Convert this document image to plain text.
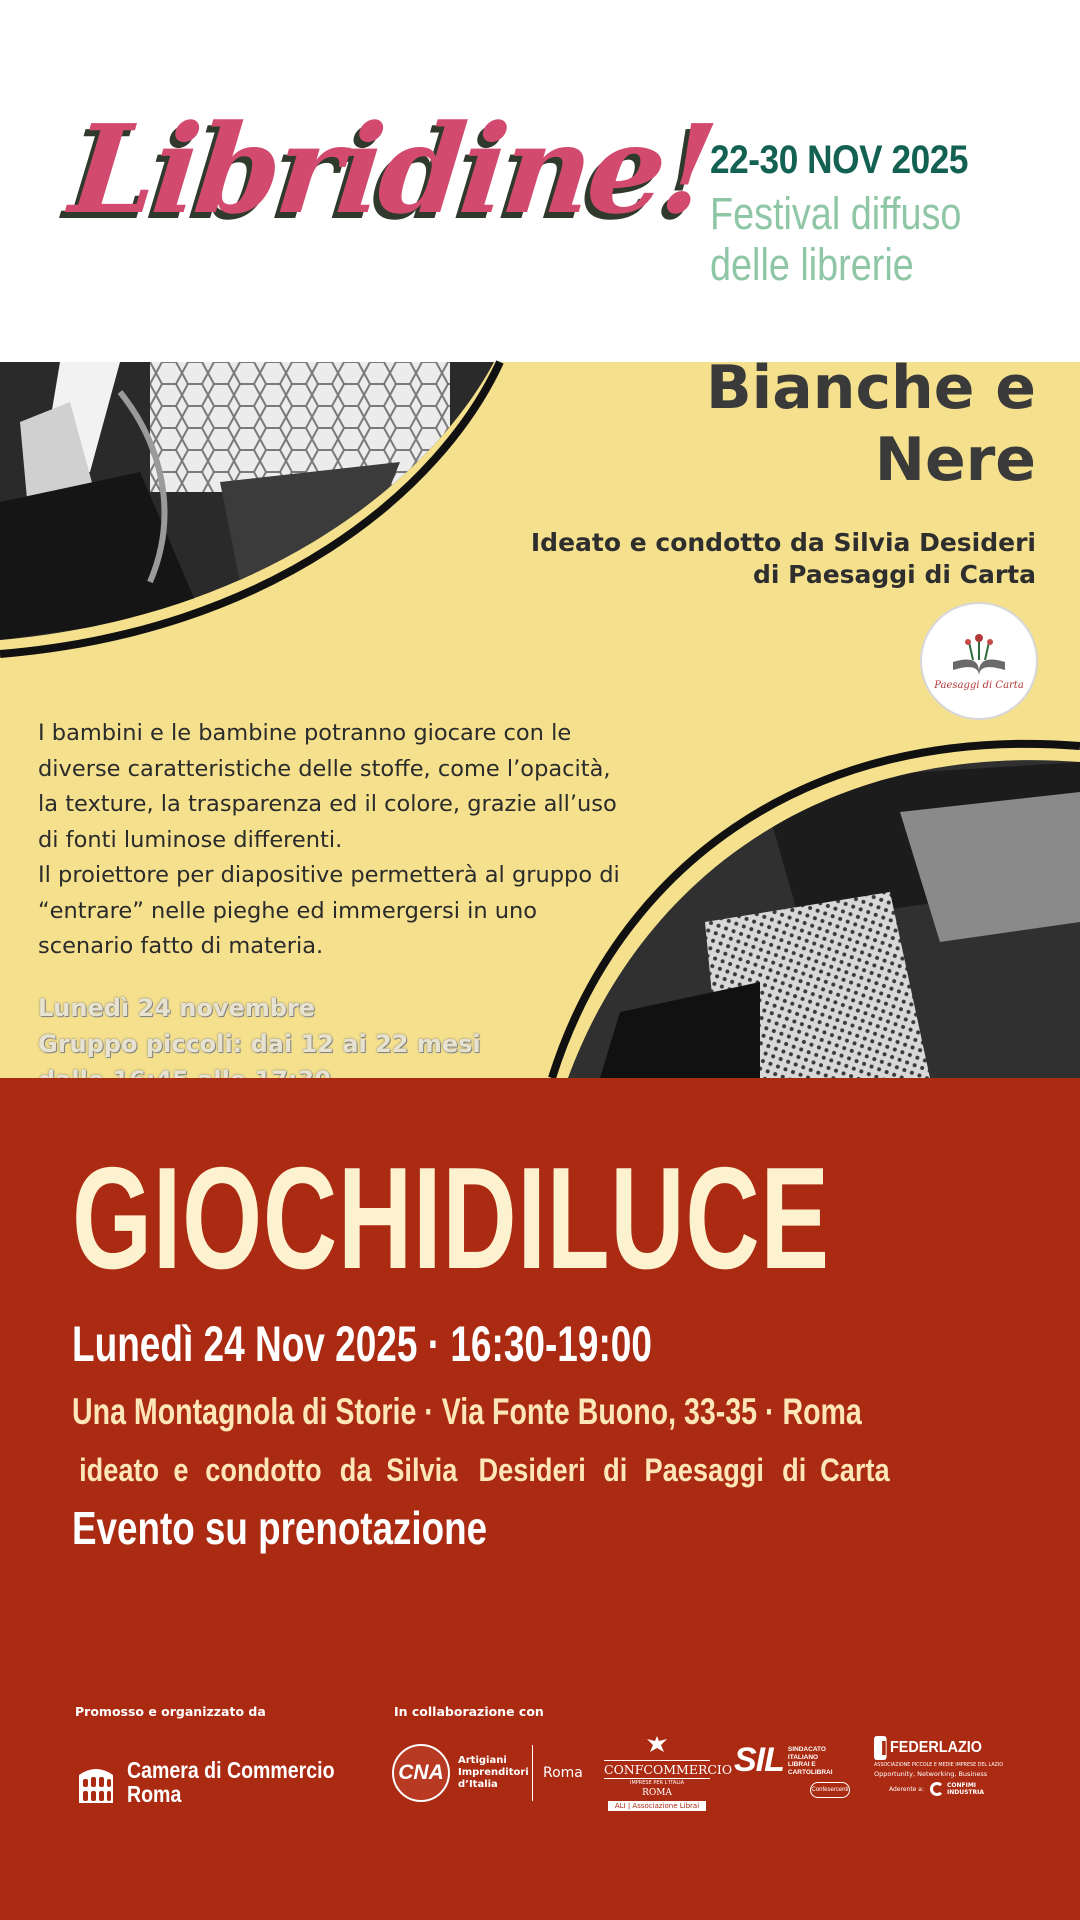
Libridine!
22-30 NOV 2025
Festival diffuso
delle librerie
Bianche e
Nere
Ideato e condotto da Silvia Desideri
di Paesaggi di Carta
Paesaggi di Carta

I bambini e le bambine potranno giocare con le

diverse caratteristiche delle stoffe, come l’opacità,

la texture, la trasparenza ed il colore, grazie all’uso

di fonti luminose differenti.

Il proiettore per diapositive permetterà al gruppo di

“entrare” nelle pieghe ed immergersi in uno

scenario fatto di materia.

Lunedì 24 novembre
Gruppo piccoli: dai 12 ai 22 mesi
GIOCHIDILUCE
Lunedì 24 Nov 2025 · 16:30-19:00
Una Montagnola di Storie · Via Fonte Buono, 33-35 · Roma
ideato e condotto da Silvia Desideri di Paesaggi di Carta
Evento su prenotazione
Promosso e organizzato da	In collaborazione con
Camera di Commercio
Roma
CNA
Artigiani
Imprenditori
d’Italia
Roma CONFCOMMERCIO
IMPRESE PER L'ITALIA
ROMA
ALI | Associazione Librai
SIL SINDACATO
ITALIANO
LIBRAI E
CARTOLIBRAI
Confesercenti
FEDERLAZIO
ASSOCIAZIONE PICCOLE E MEDIE IMPRESE DEL LAZIO
Opportunity, Networking, Business
Aderente a:	CONFIMI
INDUSTRIA
